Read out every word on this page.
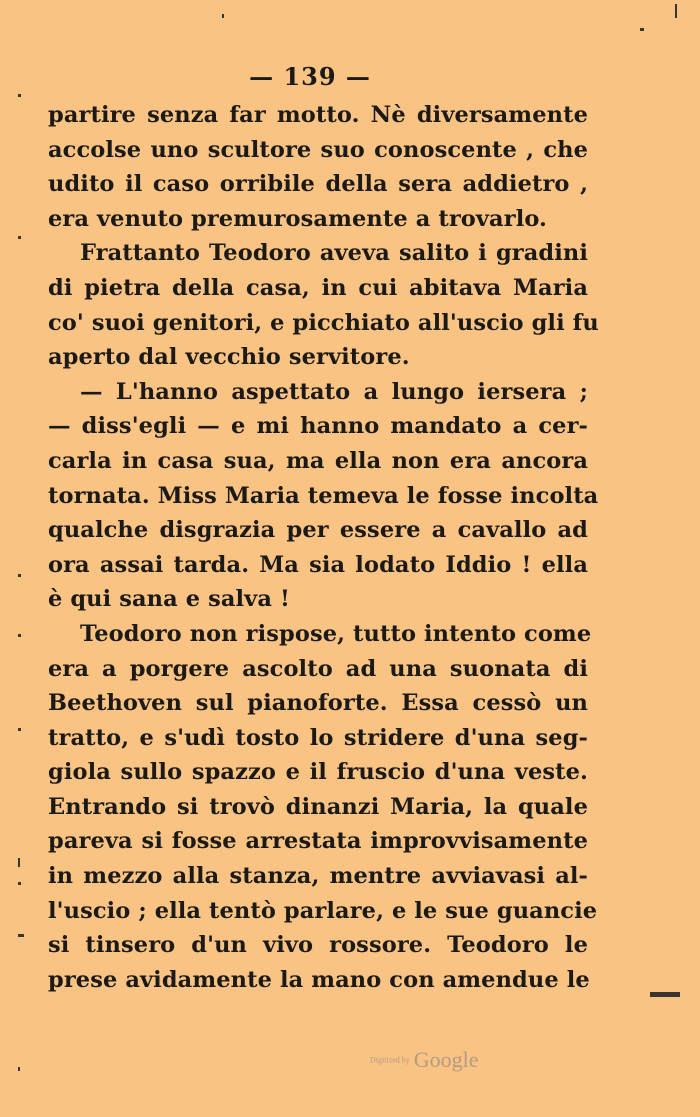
— 139 —
partire senza far motto. Nè diversamente
accolse uno scultore suo conoscente , che
udito il caso orribile della sera addietro ,
era venuto premurosamente a trovarlo.
Frattanto Teodoro aveva salito i gradini
di pietra della casa, in cui abitava Maria
co' suoi genitori, e picchiato all'uscio gli fu
aperto dal vecchio servitore.
— L'hanno aspettato a lungo iersera ;
— diss'egli — e mi hanno mandato a cer-
carla in casa sua, ma ella non era ancora
tornata. Miss Maria temeva le fosse incolta
qualche disgrazia per essere a cavallo ad
ora assai tarda. Ma sia lodato Iddio ! ella
è qui sana e salva !
Teodoro non rispose, tutto intento come
era a porgere ascolto ad una suonata di
Beethoven sul pianoforte. Essa cessò un
tratto, e s'udì tosto lo stridere d'una seg-
giola sullo spazzo e il fruscio d'una veste.
Entrando si trovò dinanzi Maria, la quale
pareva si fosse arrestata improvvisamente
in mezzo alla stanza, mentre avviavasi al-
l'uscio ; ella tentò parlare, e le sue guancie
si tinsero d'un vivo rossore. Teodoro le
prese avidamente la mano con amendue le
Digitized by Google
